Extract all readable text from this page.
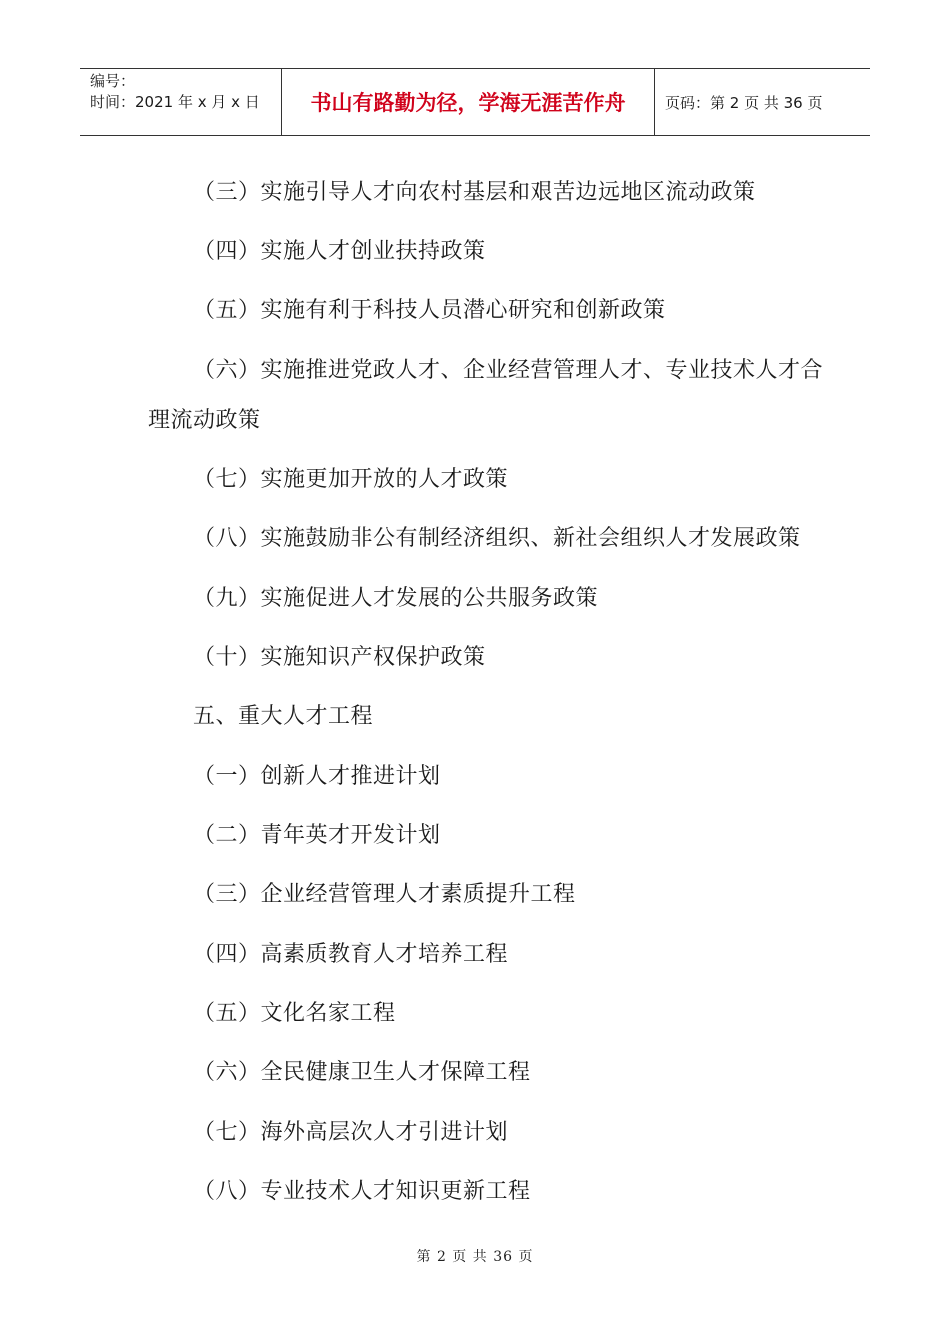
编号：
时间：2021 年 x 月 x 日	书山有路勤为径，学海无涯苦作舟	页码：第 2 页 共 36 页
（三）实施引导人才向农村基层和艰苦边远地区流动政策
（四）实施人才创业扶持政策
（五）实施有利于科技人员潜心研究和创新政策
（六）实施推进党政人才、企业经营管理人才、专业技术人才合
理流动政策
（七）实施更加开放的人才政策
（八）实施鼓励非公有制经济组织、新社会组织人才发展政策
（九）实施促进人才发展的公共服务政策
（十）实施知识产权保护政策
五、重大人才工程
（一）创新人才推进计划
（二）青年英才开发计划
（三）企业经营管理人才素质提升工程
（四）高素质教育人才培养工程
（五）文化名家工程
（六）全民健康卫生人才保障工程
（七）海外高层次人才引进计划
（八）专业技术人才知识更新工程
第 2 页 共 36 页
